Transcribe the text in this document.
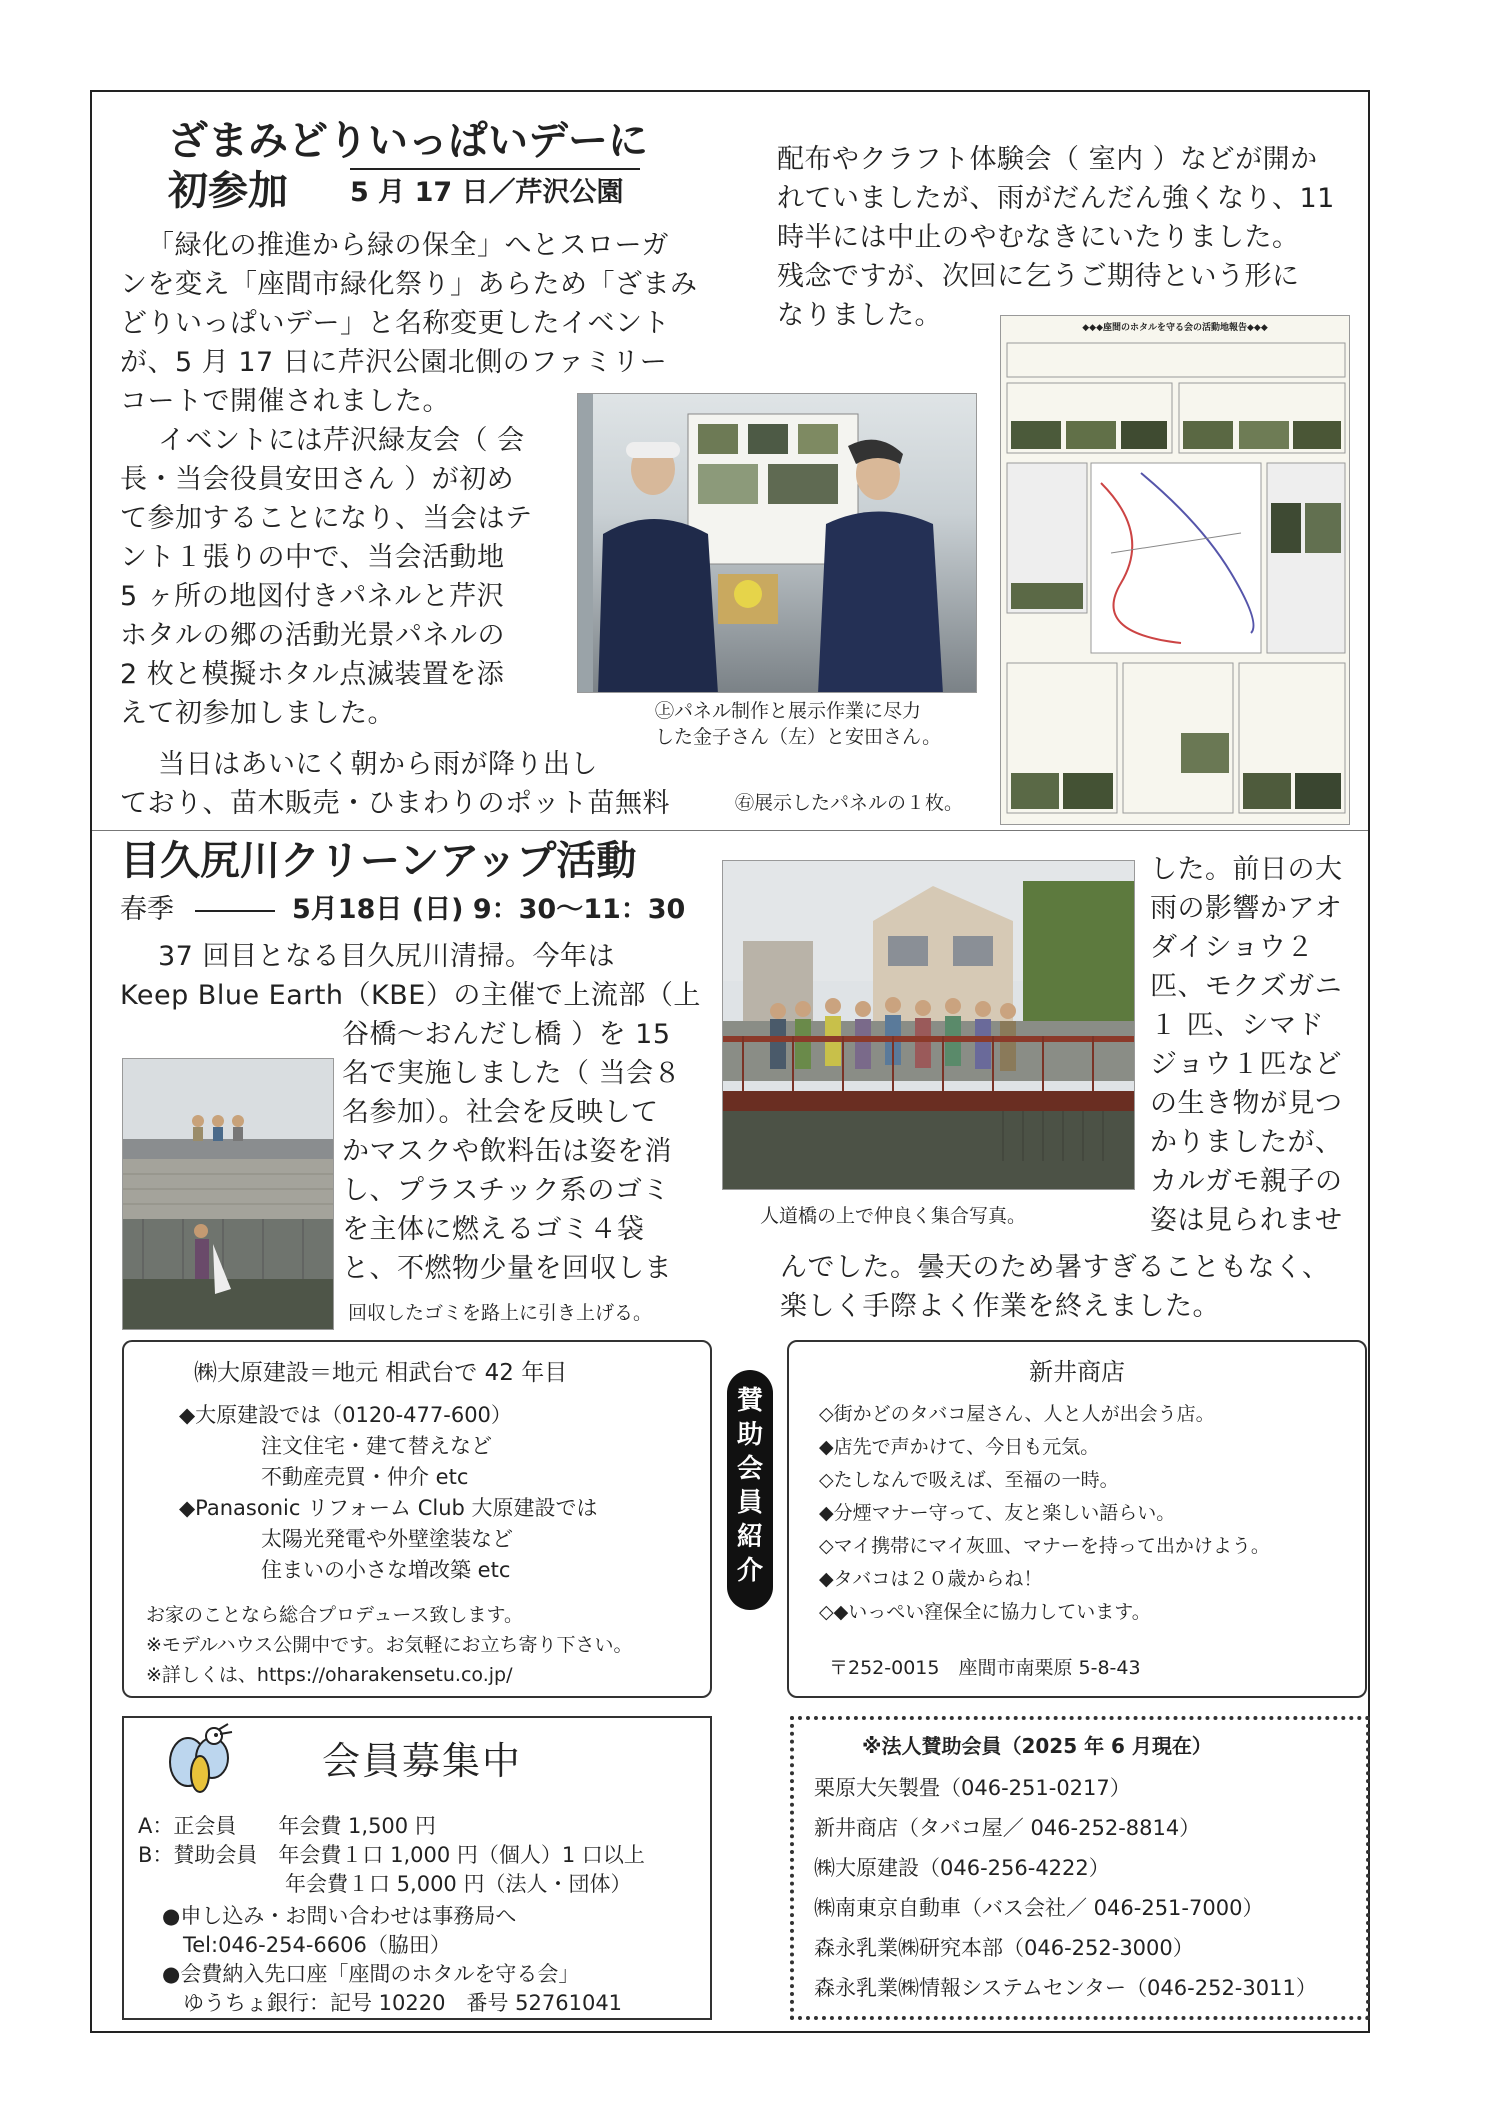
ざまみどりいっぱいデーに
初参加 5 月 17 日／芹沢公園

「緑化の推進から緑の保全」へとスローガ

ンを変え「座間市緑化祭り」あらため「ざまみ

どりいっぱいデー」と名称変更したイベント

が、5 月 17 日に芹沢公園北側のファミリー

コートで開催されました。

イベントには芹沢緑友会（ 会

長・当会役員安田さん ）が初め

て参加することになり、当会はテ

ント１張りの中で、当会活動地

5 ヶ所の地図付きパネルと芹沢

ホタルの郷の活動光景パネルの

2 枚と模擬ホタル点滅装置を添

えて初参加しました。

当日はあいにく朝から雨が降り出し

ており、苗木販売・ひまわりのポット苗無料

配布やクラフト体験会（ 室内 ）などが開か

れていましたが、雨がだんだん強くなり、11

時半には中止のやむなきにいたりました。

残念ですが、次回に乞うご期待という形に

なりました。

㊤パネル制作と展示作業に尽力

した金子さん（左）と安田さん。

◆◆◆座間のホタルを守る会の活動地報告◆◆◆
㊨展示したパネルの１枚。
目久尻川クリーンアップ活動
春季	5月18日 (日) 9：30〜11：30

37 回目となる目久尻川清掃。今年は

Keep Blue Earth（KBE）の主催で上流部（上

谷橋〜おんだし橋 ）を 15

名で実施しました（ 当会８

名参加）。社会を反映して

かマスクや飲料缶は姿を消

し、プラスチック系のゴミ

を主体に燃えるゴミ４袋

と、不燃物少量を回収しま

回収したゴミを路上に引き上げる。
人道橋の上で仲良く集合写真。

した。前日の大

雨の影響かアオ

ダイショウ２

匹、モクズガニ

１ 匹、シマド

ジョウ１匹など

の生き物が見つ

かりましたが、

カルガモ親子の

姿は見られませ

んでした。曇天のため暑すぎることもなく、

楽しく手際よく作業を終えました。

賛
助
会
員
紹
介
㈱大原建設＝地元 相武台で 42 年目

◆大原建設では（0120-477-600）

注文住宅・建て替えなど

不動産売買・仲介 etc

◆Panasonic リフォーム Club 大原建設では

太陽光発電や外壁塗装など

住まいの小さな増改築 etc

お家のことなら総合プロデュース致します。

※モデルハウス公開中です。お気軽にお立ち寄り下さい。

※詳しくは、https://oharakensetu.co.jp/

新井商店

◇街かどのタバコ屋さん、人と人が出会う店。

◆店先で声かけて、今日も元気。

◇たしなんで吸えば、至福の一時。

◆分煙マナー守って、友と楽しい語らい。

◇マイ携帯にマイ灰皿、マナーを持って出かけよう。

◆タバコは２０歳からね！

◇◆いっぺい窪保全に協力しています。

〒252-0015　座間市南栗原 5-8-43
会員募集中

A：正会員　　年会費 1,500 円

B：賛助会員　年会費１口 1,000 円（個人）1 口以上

　　　　　　　年会費１口 5,000 円（法人・団体）

●申し込み・お問い合わせは事務局へ

　Tel:046-254-6606（脇田）

●会費納入先口座「座間のホタルを守る会」

　ゆうちょ銀行：記号 10220　番号 52761041

※法人賛助会員（2025 年 6 月現在）

栗原大矢製畳（046-251-0217）

新井商店（タバコ屋／ 046-252-8814）

㈱大原建設（046-256-4222）

㈱南東京自動車（バス会社／ 046-251-7000）

森永乳業㈱研究本部（046-252-3000）

森永乳業㈱情報システムセンター（046-252-3011）
